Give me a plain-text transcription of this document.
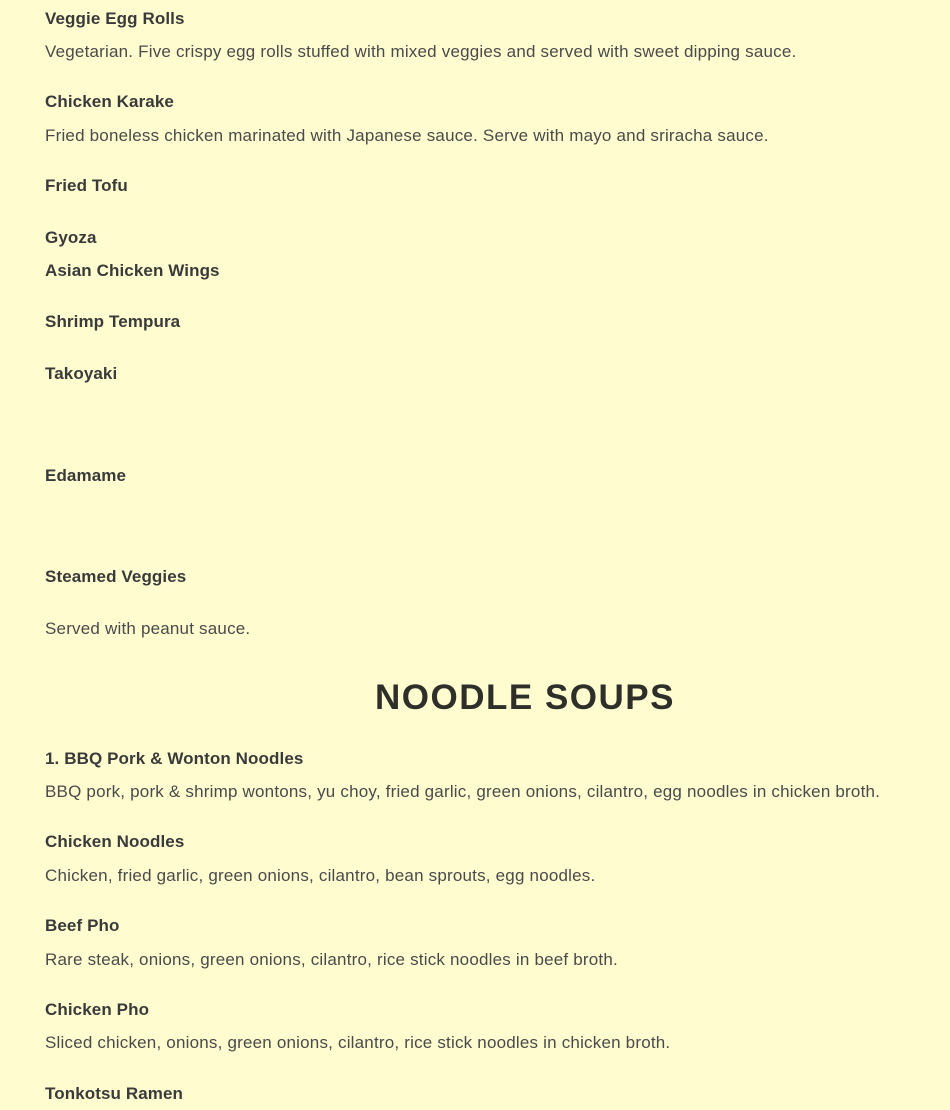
Veggie Egg Rolls
Vegetarian. Five crispy egg rolls stuffed with mixed veggies and served with sweet dipping sauce.
Chicken Karake
Fried boneless chicken marinated with Japanese sauce. Serve with mayo and sriracha sauce.
Fried Tofu
Gyoza
Asian Chicken Wings
Shrimp Tempura
Takoyaki
Edamame
Steamed Veggies
Served with peanut sauce.
NOODLE SOUPS
1. BBQ Pork & Wonton Noodles
BBQ pork, pork & shrimp wontons, yu choy, fried garlic, green onions, cilantro, egg noodles in chicken broth.
Chicken Noodles
Chicken, fried garlic, green onions, cilantro, bean sprouts, egg noodles.
Beef Pho
Rare steak, onions, green onions, cilantro, rice stick noodles in beef broth.
Chicken Pho
Sliced chicken, onions, green onions, cilantro, rice stick noodles in chicken broth.
Tonkotsu Ramen
